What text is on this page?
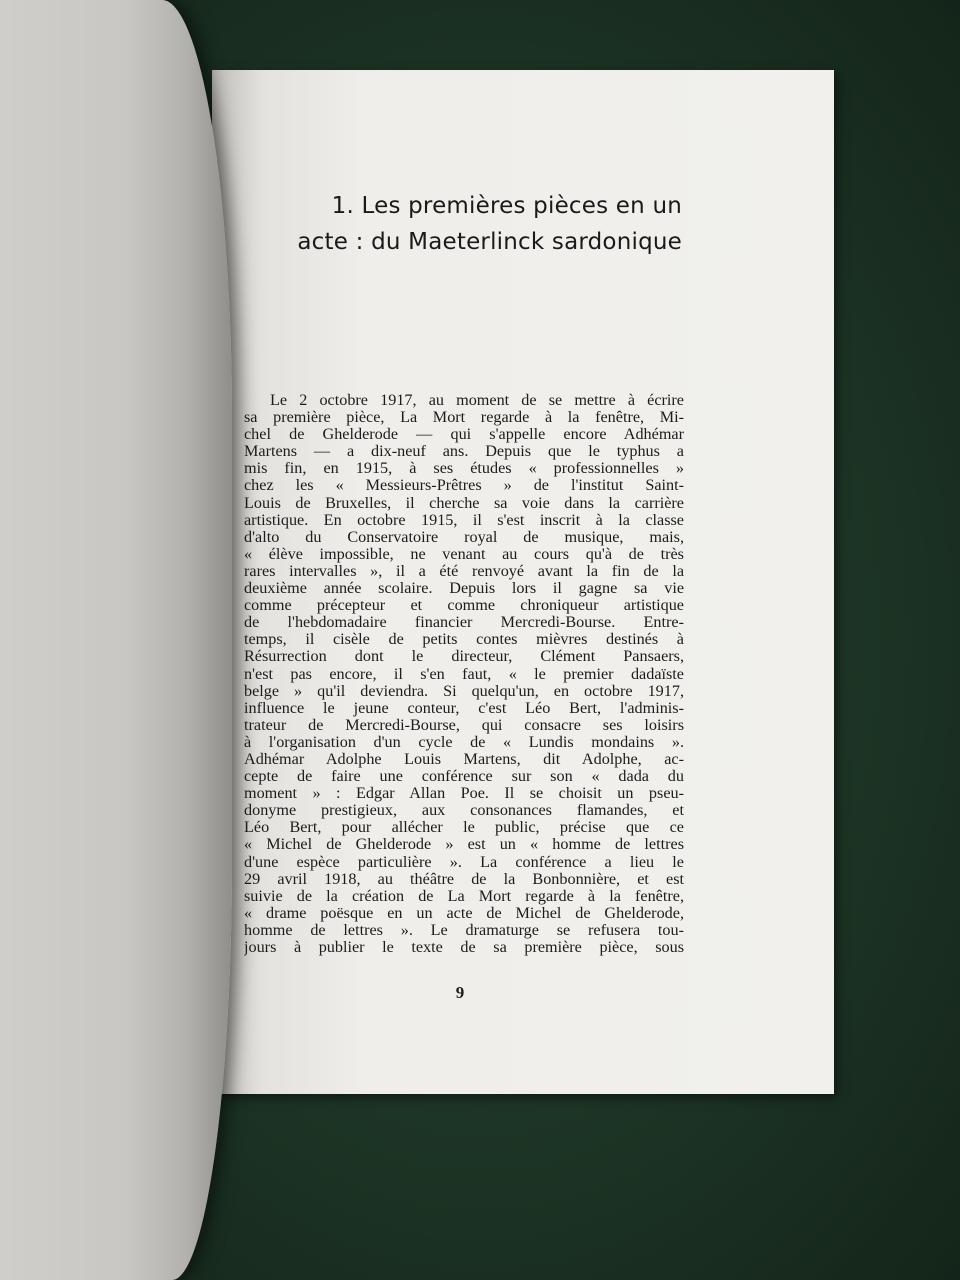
1. Les premières pièces en un
acte : du Maeterlinck sardonique
Le 2 octobre 1917, au moment de se mettre à écrire
sa première pièce, La Mort regarde à la fenêtre, Mi-
chel de Ghelderode — qui s'appelle encore Adhémar
Martens — a dix-neuf ans. Depuis que le typhus a
mis fin, en 1915, à ses études « professionnelles »
chez les « Messieurs-Prêtres » de l'institut Saint-
Louis de Bruxelles, il cherche sa voie dans la carrière
artistique. En octobre 1915, il s'est inscrit à la classe
d'alto du Conservatoire royal de musique, mais,
« élève impossible, ne venant au cours qu'à de très
rares intervalles », il a été renvoyé avant la fin de la
deuxième année scolaire. Depuis lors il gagne sa vie
comme précepteur et comme chroniqueur artistique
de l'hebdomadaire financier Mercredi-Bourse. Entre-
temps, il cisèle de petits contes mièvres destinés à
Résurrection dont le directeur, Clément Pansaers,
n'est pas encore, il s'en faut, « le premier dadaïste
belge » qu'il deviendra. Si quelqu'un, en octobre 1917,
influence le jeune conteur, c'est Léo Bert, l'adminis-
trateur de Mercredi-Bourse, qui consacre ses loisirs
à l'organisation d'un cycle de « Lundis mondains ».
Adhémar Adolphe Louis Martens, dit Adolphe, ac-
cepte de faire une conférence sur son « dada du
moment » : Edgar Allan Poe. Il se choisit un pseu-
donyme prestigieux, aux consonances flamandes, et
Léo Bert, pour allécher le public, précise que ce
« Michel de Ghelderode » est un « homme de lettres
d'une espèce particulière ». La conférence a lieu le
29 avril 1918, au théâtre de la Bonbonnière, et est
suivie de la création de La Mort regarde à la fenêtre,
« drame poësque en un acte de Michel de Ghelderode,
homme de lettres ». Le dramaturge se refusera tou-
jours à publier le texte de sa première pièce, sous
9
